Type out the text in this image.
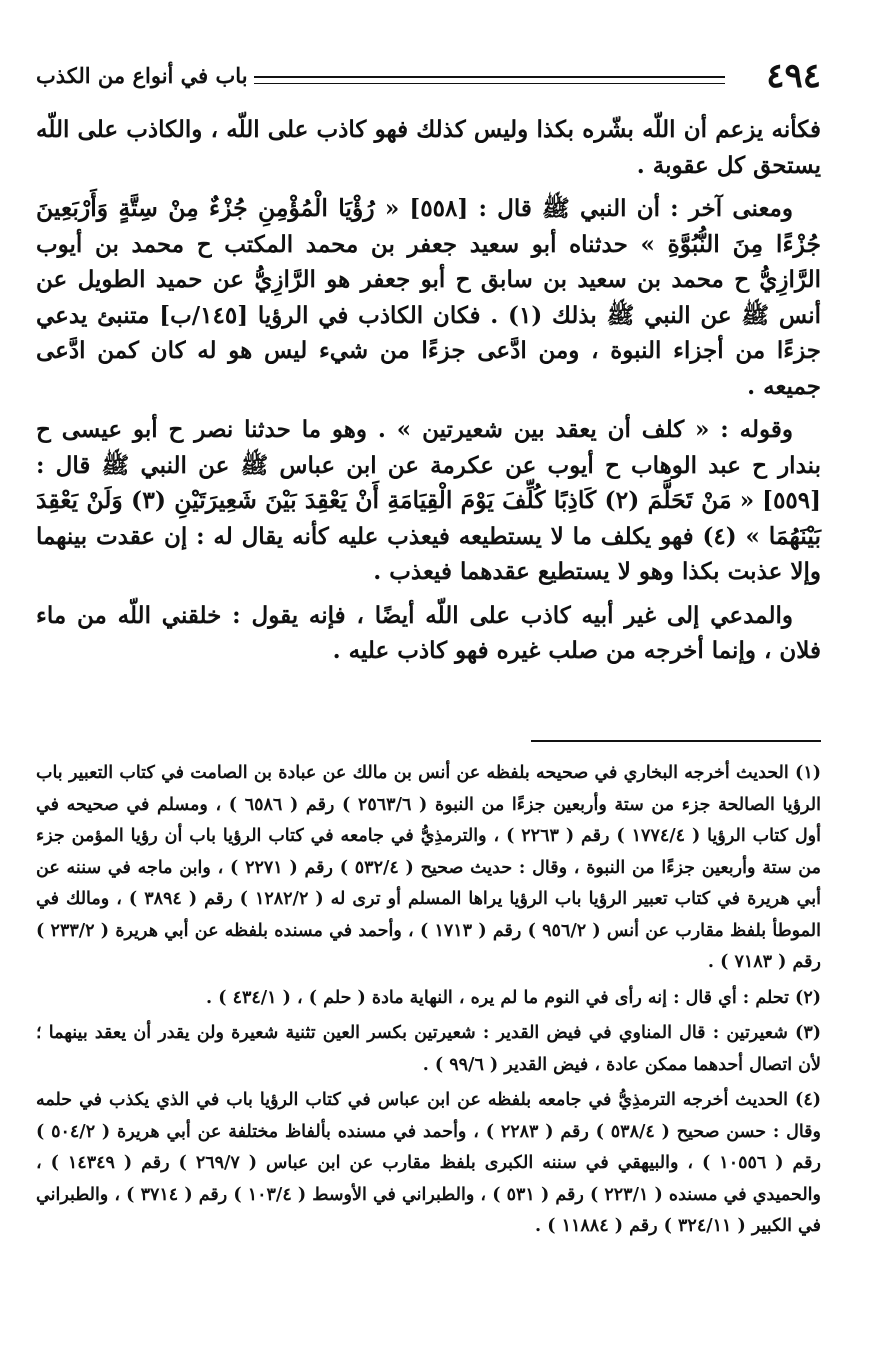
٤٩٤
باب في أنواع من الكذب

فكأنه يزعم أن اللّه بشّره بكذا وليس كذلك فهو كاذب على اللّه ، والكاذب على اللّه يستحق كل عقوبة .

ومعنى آخر : أن النبي ﷺ قال : [٥٥٨] « رُؤْيَا الْمُؤْمِنِ جُزْءٌ مِنْ سِتَّةٍ وَأَرْبَعِينَ جُزْءًا مِنَ النُّبُوَّةِ » حدثناه أبو سعيد جعفر بن محمد المكتب ح محمد بن أيوب الرَّازِيُّ ح محمد بن سعيد بن سابق ح أبو جعفر هو الرَّازِيُّ عن حميد الطويل عن أنس ﷺ عن النبي ﷺ بذلك (١) . فكان الكاذب في الرؤيا [١٤٥/ب] متنبئ يدعي جزءًا من أجزاء النبوة ، ومن ادَّعى جزءًا من شيء ليس هو له كان كمن ادَّعى جميعه .

وقوله : « كلف أن يعقد بين شعيرتين » . وهو ما حدثنا نصر ح أبو عيسى ح بندار ح عبد الوهاب ح أيوب عن عكرمة عن ابن عباس ﷺ عن النبي ﷺ قال : [٥٥٩] « مَنْ تَحَلَّمَ (٢) كَاذِبًا كُلِّفَ يَوْمَ الْقِيَامَةِ أَنْ يَعْقِدَ بَيْنَ شَعِيرَتَيْنِ (٣) وَلَنْ يَعْقِدَ بَيْنَهُمَا » (٤) فهو يكلف ما لا يستطيعه فيعذب عليه كأنه يقال له : إن عقدت بينهما وإلا عذبت بكذا وهو لا يستطيع عقدهما فيعذب .

والمدعي إلى غير أبيه كاذب على اللّه أيضًا ، فإنه يقول : خلقني اللّه من ماء فلان ، وإنما أخرجه من صلب غيره فهو كاذب عليه .

(١) الحديث أخرجه البخاري في صحيحه بلفظه عن أنس بن مالك عن عبادة بن الصامت في كتاب التعبير باب الرؤيا الصالحة جزء من ستة وأربعين جزءًا من النبوة ( ٢٥٦٣/٦ ) رقم ( ٦٥٨٦ ) ، ومسلم في صحيحه في أول كتاب الرؤيا ( ١٧٧٤/٤ ) رقم ( ٢٢٦٣ ) ، والترمذِيُّ في جامعه في كتاب الرؤيا باب أن رؤيا المؤمن جزء من ستة وأربعين جزءًا من النبوة ، وقال : حديث صحيح ( ٥٣٢/٤ ) رقم ( ٢٢٧١ ) ، وابن ماجه في سننه عن أبي هريرة في كتاب تعبير الرؤيا باب الرؤيا يراها المسلم أو ترى له ( ١٢٨٢/٢ ) رقم ( ٣٨٩٤ ) ، ومالك في الموطأ بلفظ مقارب عن أنس ( ٩٥٦/٢ ) رقم ( ١٧١٣ ) ، وأحمد في مسنده بلفظه عن أبي هريرة ( ٢٣٣/٢ ) رقم ( ٧١٨٣ ) .

(٢) تحلم : أي قال : إنه رأى في النوم ما لم يره ، النهاية مادة ( حلم ) ، ( ٤٣٤/١ ) .

(٣) شعيرتين : قال المناوي في فيض القدير : شعيرتين بكسر العين تثنية شعيرة ولن يقدر أن يعقد بينهما ؛ لأن اتصال أحدهما ممكن عادة ، فيض القدير ( ٩٩/٦ ) .

(٤) الحديث أخرجه الترمذِيُّ في جامعه بلفظه عن ابن عباس في كتاب الرؤيا باب في الذي يكذب في حلمه وقال : حسن صحيح ( ٥٣٨/٤ ) رقم ( ٢٢٨٣ ) ، وأحمد في مسنده بألفاظ مختلفة عن أبي هريرة ( ٥٠٤/٢ ) رقم ( ١٠٥٥٦ ) ، والبيهقي في سننه الكبرى بلفظ مقارب عن ابن عباس ( ٢٦٩/٧ ) رقم ( ١٤٣٤٩ ) ، والحميدي في مسنده ( ٢٢٣/١ ) رقم ( ٥٣١ ) ، والطبراني في الأوسط ( ١٠٣/٤ ) رقم ( ٣٧١٤ ) ، والطبراني في الكبير ( ٣٢٤/١١ ) رقم ( ١١٨٨٤ ) .
